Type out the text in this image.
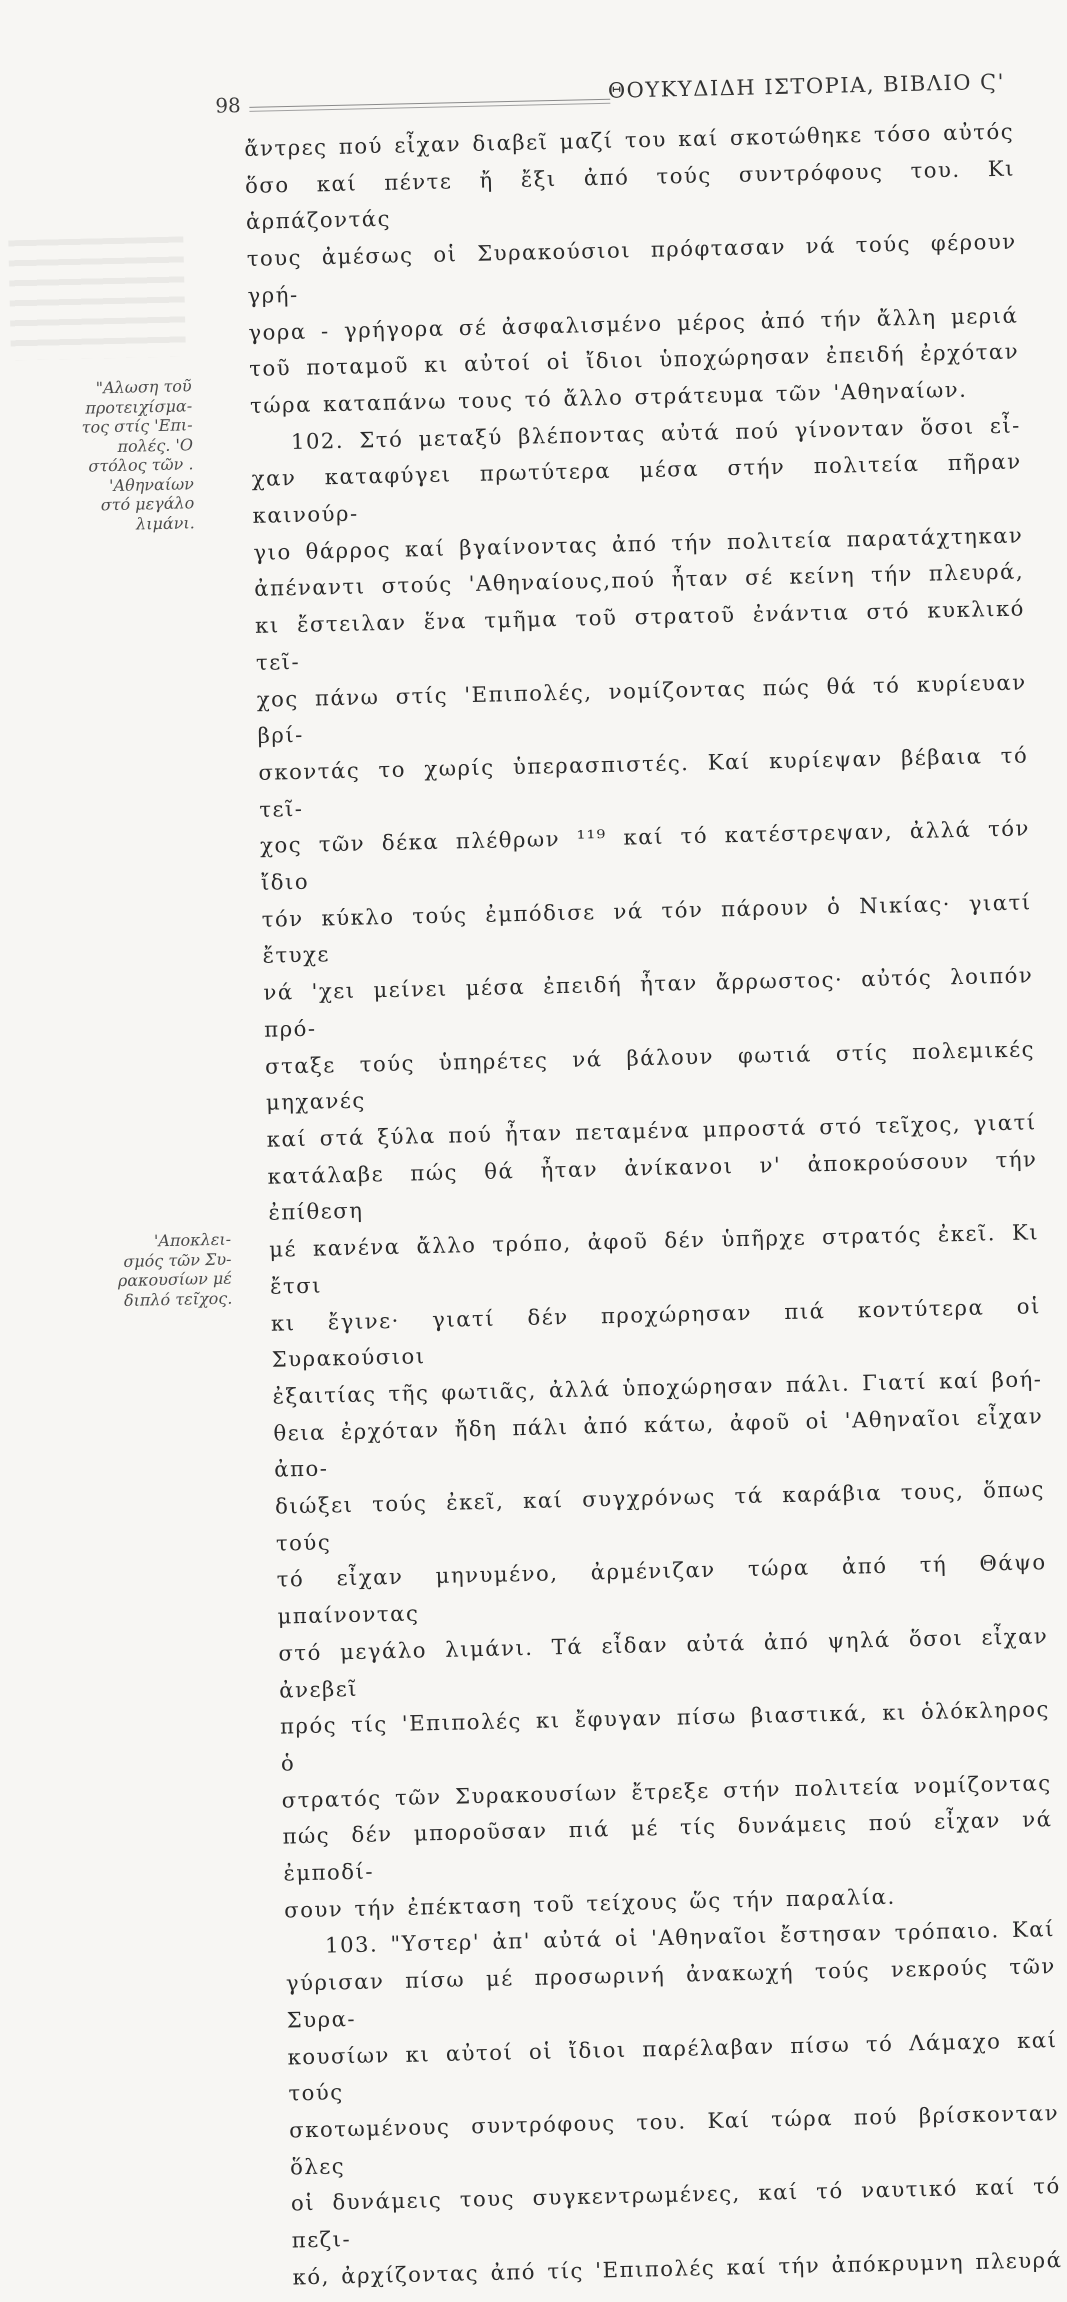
98
ΘΟΥΚΥΔΙΔΗ ΙΣΤΟΡΙΑ, ΒΙΒΛΙΟ Ϛ'
"Αλωση τοῦ
προτειχίσμα-
τος στίς 'Επι-
πολές. 'Ο
στόλος τῶν .
'Αθηναίων
στό μεγάλο
λιμάνι.
'Αποκλει-
σμός τῶν Συ-
ρακουσίων μέ
διπλό τεῖχος.
ἄντρες πού εἶχαν διαβεῖ μαζί του καί σκοτώθηκε τόσο αὐτός
ὅσο καί πέντε ἤ ἔξι ἀπό τούς συντρόφους του. Κι ἁρπάζοντάς
τους ἀμέσως οἱ Συρακούσιοι πρόφτασαν νά τούς φέρουν γρή-
γορα - γρήγορα σέ ἀσφαλισμένο μέρος ἀπό τήν ἄλλη μεριά
τοῦ ποταμοῦ κι αὐτοί οἱ ἴδιοι ὑποχώρησαν ἐπειδή ἐρχόταν
τώρα καταπάνω τους τό ἄλλο στράτευμα τῶν 'Αθηναίων.
102. Στό μεταξύ βλέποντας αὐτά πού γίνονταν ὅσοι εἶ-
χαν καταφύγει πρωτύτερα μέσα στήν πολιτεία πῆραν καινούρ-
γιο θάρρος καί βγαίνοντας ἀπό τήν πολιτεία παρατάχτηκαν
ἀπέναντι στούς 'Αθηναίους,πού ἦταν σέ κείνη τήν πλευρά,
κι ἔστειλαν ἕνα τμῆμα τοῦ στρατοῦ ἐνάντια στό κυκλικό τεῖ-
χος πάνω στίς 'Επιπολές, νομίζοντας πώς θά τό κυρίευαν βρί-
σκοντάς το χωρίς ὑπερασπιστές. Καί κυρίεψαν βέβαια τό τεῖ-
χος τῶν δέκα πλέθρων ¹¹⁹ καί τό κατέστρεψαν, ἀλλά τόν ἴδιο
τόν κύκλο τούς ἐμπόδισε νά τόν πάρουν ὁ Νικίας· γιατί ἔτυχε
νά 'χει μείνει μέσα ἐπειδή ἦταν ἄρρωστος· αὐτός λοιπόν πρό-
σταξε τούς ὑπηρέτες νά βάλουν φωτιά στίς πολεμικές μηχανές
καί στά ξύλα πού ἦταν πεταμένα μπροστά στό τεῖχος, γιατί
κατάλαβε πώς θά ἦταν ἀνίκανοι ν' ἀποκρούσουν τήν ἐπίθεση
μέ κανένα ἄλλο τρόπο, ἀφοῦ δέν ὑπῆρχε στρατός ἐκεῖ. Κι ἔτσι
κι ἔγινε· γιατί δέν προχώρησαν πιά κοντύτερα οἱ Συρακούσιοι
ἐξαιτίας τῆς φωτιᾶς, ἀλλά ὑποχώρησαν πάλι. Γιατί καί βοή-
θεια ἐρχόταν ἤδη πάλι ἀπό κάτω, ἀφοῦ οἱ 'Αθηναῖοι εἶχαν ἀπο-
διώξει τούς ἐκεῖ, καί συγχρόνως τά καράβια τους, ὅπως τούς
τό εἶχαν μηνυμένο, ἀρμένιζαν τώρα ἀπό τή Θάψο μπαίνοντας
στό μεγάλο λιμάνι. Τά εἶδαν αὐτά ἀπό ψηλά ὅσοι εἶχαν ἀνεβεῖ
πρός τίς 'Επιπολές κι ἔφυγαν πίσω βιαστικά, κι ὁλόκληρος ὁ
στρατός τῶν Συρακουσίων ἔτρεξε στήν πολιτεία νομίζοντας
πώς δέν μποροῦσαν πιά μέ τίς δυνάμεις πού εἶχαν νά ἐμποδί-
σουν τήν ἐπέκταση τοῦ τείχους ὥς τήν παραλία.
103. "Υστερ' ἀπ' αὐτά οἱ 'Αθηναῖοι ἔστησαν τρόπαιο. Καί
γύρισαν πίσω μέ προσωρινή ἀνακωχή τούς νεκρούς τῶν Συρα-
κουσίων κι αὐτοί οἱ ἴδιοι παρέλαβαν πίσω τό Λάμαχο καί τούς
σκοτωμένους συντρόφους του. Καί τώρα πού βρίσκονταν ὅλες
οἱ δυνάμεις τους συγκεντρωμένες, καί τό ναυτικό καί τό πεζι-
κό, ἀρχίζοντας ἀπό τίς 'Επιπολές καί τήν ἀπόκρυμνη πλευρά
